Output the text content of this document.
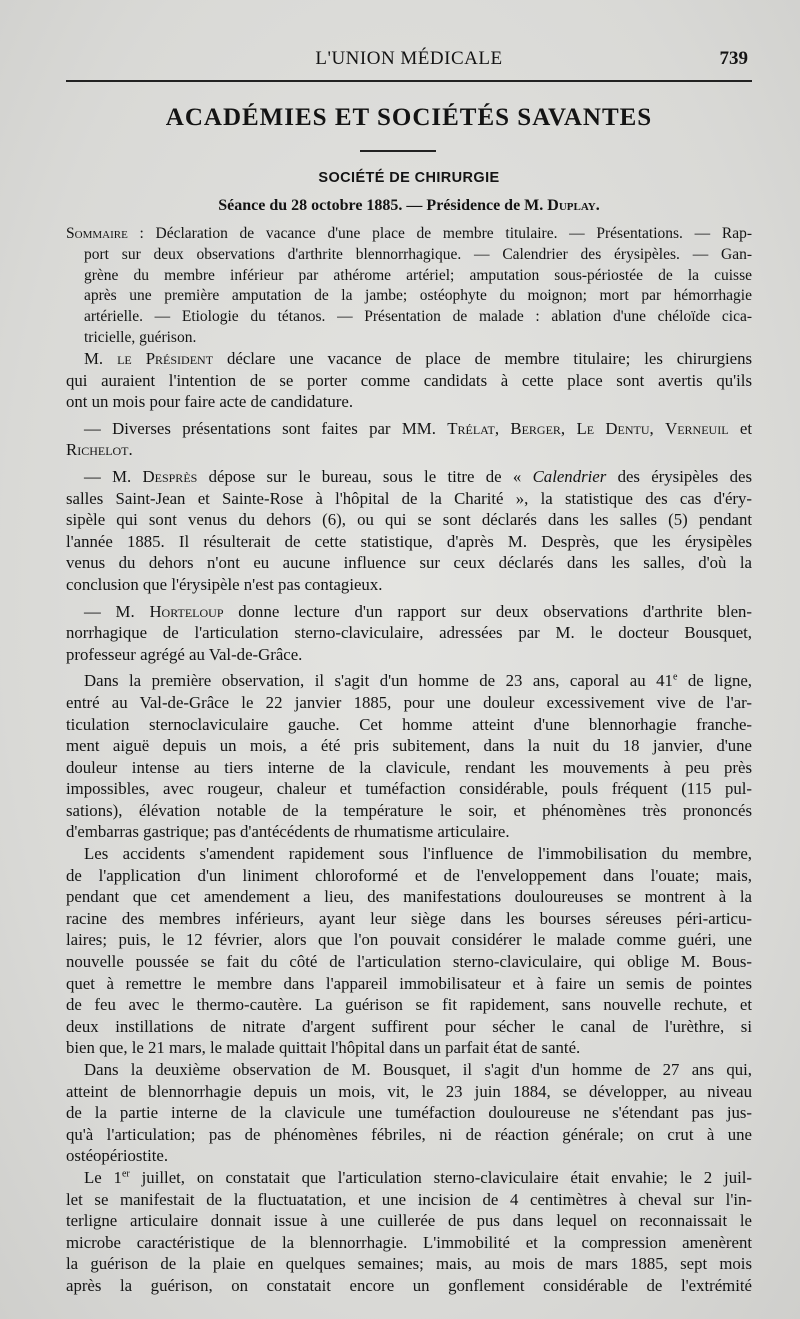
L'UNION MÉDICALE	739
ACADÉMIES ET SOCIÉTÉS SAVANTES
SOCIÉTÉ DE CHIRURGIE
Séance du 28 octobre 1885. — Présidence de M. Duplay.
Sommaire : Déclaration de vacance d'une place de membre titulaire. — Présentations. — Rap-
port sur deux observations d'arthrite blennorrhagique. — Calendrier des érysipèles. — Gan-
grène du membre inférieur par athérome artériel; amputation sous-périostée de la cuisse
après une première amputation de la jambe; ostéophyte du moignon; mort par hémorrhagie
artérielle. — Etiologie du tétanos. — Présentation de malade : ablation d'une chéloïde cica-
tricielle, guérison.
M. le Président déclare une vacance de place de membre titulaire; les chirurgiens
qui auraient l'intention de se porter comme candidats à cette place sont avertis qu'ils
ont un mois pour faire acte de candidature.
— Diverses présentations sont faites par MM. Trélat, Berger, Le Dentu, Verneuil et
Richelot.
— M. Desprès dépose sur le bureau, sous le titre de « Calendrier des érysipèles des
salles Saint-Jean et Sainte-Rose à l'hôpital de la Charité », la statistique des cas d'éry-
sipèle qui sont venus du dehors (6), ou qui se sont déclarés dans les salles (5) pendant
l'année 1885. Il résulterait de cette statistique, d'après M. Desprès, que les érysipèles
venus du dehors n'ont eu aucune influence sur ceux déclarés dans les salles, d'où la
conclusion que l'érysipèle n'est pas contagieux.
— M. Horteloup donne lecture d'un rapport sur deux observations d'arthrite blen-
norrhagique de l'articulation sterno-claviculaire, adressées par M. le docteur Bousquet,
professeur agrégé au Val-de-Grâce.
Dans la première observation, il s'agit d'un homme de 23 ans, caporal au 41e de ligne,
entré au Val-de-Grâce le 22 janvier 1885, pour une douleur excessivement vive de l'ar-
ticulation sternoclaviculaire gauche. Cet homme atteint d'une blennorhagie franche-
ment aiguë depuis un mois, a été pris subitement, dans la nuit du 18 janvier, d'une
douleur intense au tiers interne de la clavicule, rendant les mouvements à peu près
impossibles, avec rougeur, chaleur et tuméfaction considérable, pouls fréquent (115 pul-
sations), élévation notable de la température le soir, et phénomènes très prononcés
d'embarras gastrique; pas d'antécédents de rhumatisme articulaire.
Les accidents s'amendent rapidement sous l'influence de l'immobilisation du membre,
de l'application d'un liniment chloroformé et de l'enveloppement dans l'ouate; mais,
pendant que cet amendement a lieu, des manifestations douloureuses se montrent à la
racine des membres inférieurs, ayant leur siège dans les bourses séreuses péri-articu-
laires; puis, le 12 février, alors que l'on pouvait considérer le malade comme guéri, une
nouvelle poussée se fait du côté de l'articulation sterno-claviculaire, qui oblige M. Bous-
quet à remettre le membre dans l'appareil immobilisateur et à faire un semis de pointes
de feu avec le thermo-cautère. La guérison se fit rapidement, sans nouvelle rechute, et
deux instillations de nitrate d'argent suffirent pour sécher le canal de l'urèthre, si
bien que, le 21 mars, le malade quittait l'hôpital dans un parfait état de santé.
Dans la deuxième observation de M. Bousquet, il s'agit d'un homme de 27 ans qui,
atteint de blennorrhagie depuis un mois, vit, le 23 juin 1884, se développer, au niveau
de la partie interne de la clavicule une tuméfaction douloureuse ne s'étendant pas jus-
qu'à l'articulation; pas de phénomènes fébriles, ni de réaction générale; on crut à une
ostéopériostite.
Le 1er juillet, on constatait que l'articulation sterno-claviculaire était envahie; le 2 juil-
let se manifestait de la fluctuatation, et une incision de 4 centimètres à cheval sur l'in-
terligne articulaire donnait issue à une cuillerée de pus dans lequel on reconnaissait le
microbe caractéristique de la blennorrhagie. L'immobilité et la compression amenèrent
la guérison de la plaie en quelques semaines; mais, au mois de mars 1885, sept mois
après la guérison, on constatait encore un gonflement considérable de l'extrémité
